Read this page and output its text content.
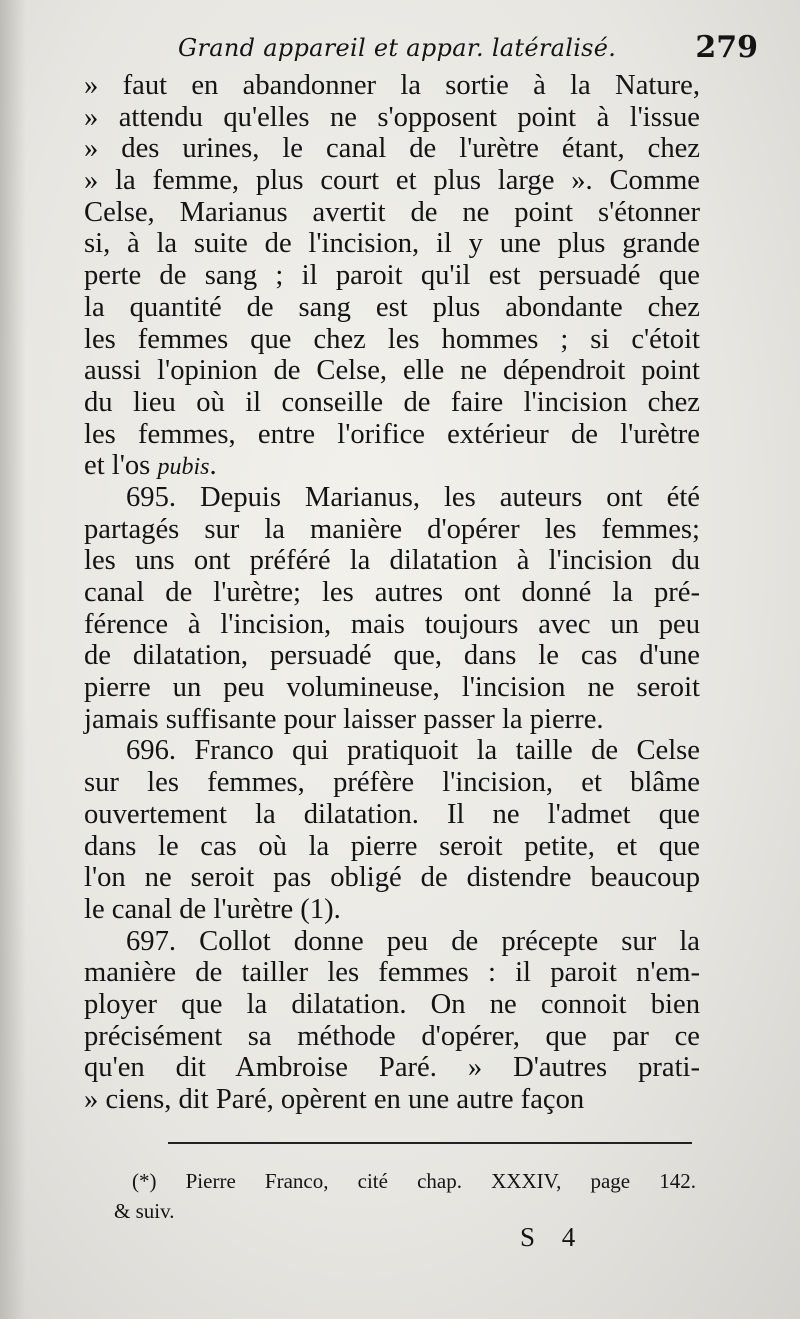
Grand appareil et appar. latéralisé.	279
» faut en abandonner la sortie à la Nature,
» attendu qu'elles ne s'opposent point à l'issue
» des urines, le canal de l'urètre étant, chez
» la femme, plus court et plus large ». Comme
Celse, Marianus avertit de ne point s'étonner
si, à la suite de l'incision, il y une plus grande
perte de sang ; il paroit qu'il est persuadé que
la quantité de sang est plus abondante chez
les femmes que chez les hommes ; si c'étoit
aussi l'opinion de Celse, elle ne dépendroit point
du lieu où il conseille de faire l'incision chez
les femmes, entre l'orifice extérieur de l'urètre
et l'os pubis.
695. Depuis Marianus, les auteurs ont été
partagés sur la manière d'opérer les femmes;
les uns ont préféré la dilatation à l'incision du
canal de l'urètre; les autres ont donné la pré-
férence à l'incision, mais toujours avec un peu
de dilatation, persuadé que, dans le cas d'une
pierre un peu volumineuse, l'incision ne seroit
jamais suffisante pour laisser passer la pierre.
696. Franco qui pratiquoit la taille de Celse
sur les femmes, préfère l'incision, et blâme
ouvertement la dilatation. Il ne l'admet que
dans le cas où la pierre seroit petite, et que
l'on ne seroit pas obligé de distendre beaucoup
le canal de l'urètre (1).
697. Collot donne peu de précepte sur la
manière de tailler les femmes : il paroit n'em-
ployer que la dilatation. On ne connoit bien
précisément sa méthode d'opérer, que par ce
qu'en dit Ambroise Paré. » D'autres prati-
» ciens, dit Paré, opèrent en une autre façon
(*) Pierre Franco, cité chap. XXXIV, page 142.
& suiv.
S 4
